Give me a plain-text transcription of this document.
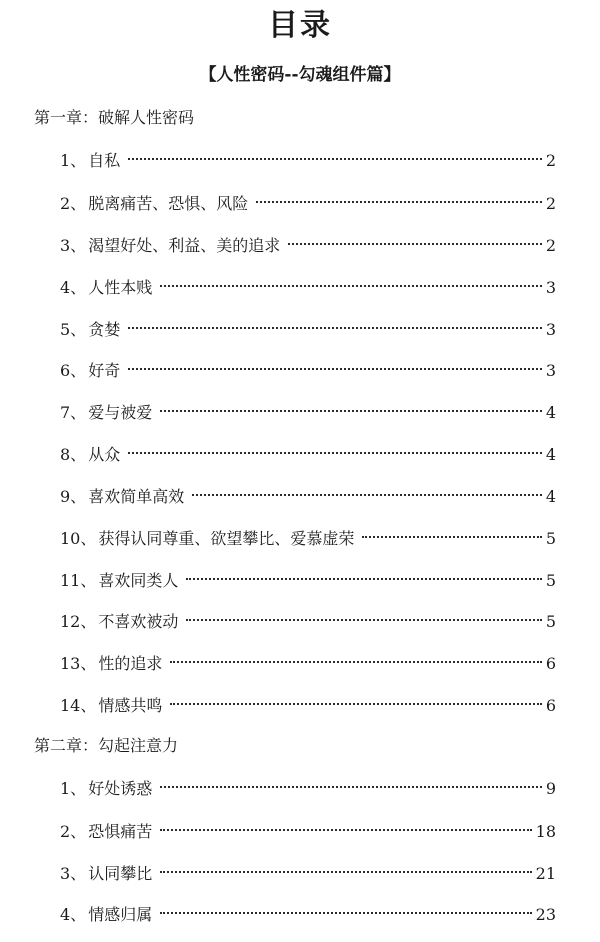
目录
【人性密码--勾魂组件篇】
第一章：破解人性密码
1、 自私	2
2、 脱离痛苦、恐惧、风险	2
3、 渴望好处、利益、美的追求	2
4、 人性本贱	3
5、 贪婪	3
6、 好奇	3
7、 爱与被爱	4
8、 从众	4
9、 喜欢简单高效	4
10、 获得认同尊重、欲望攀比、爱慕虚荣	5
11、 喜欢同类人	5
12、 不喜欢被动	5
13、 性的追求	6
14、 情感共鸣	6
第二章：勾起注意力
1、 好处诱惑	9
2、 恐惧痛苦	18
3、 认同攀比	21
4、 情感归属	23
